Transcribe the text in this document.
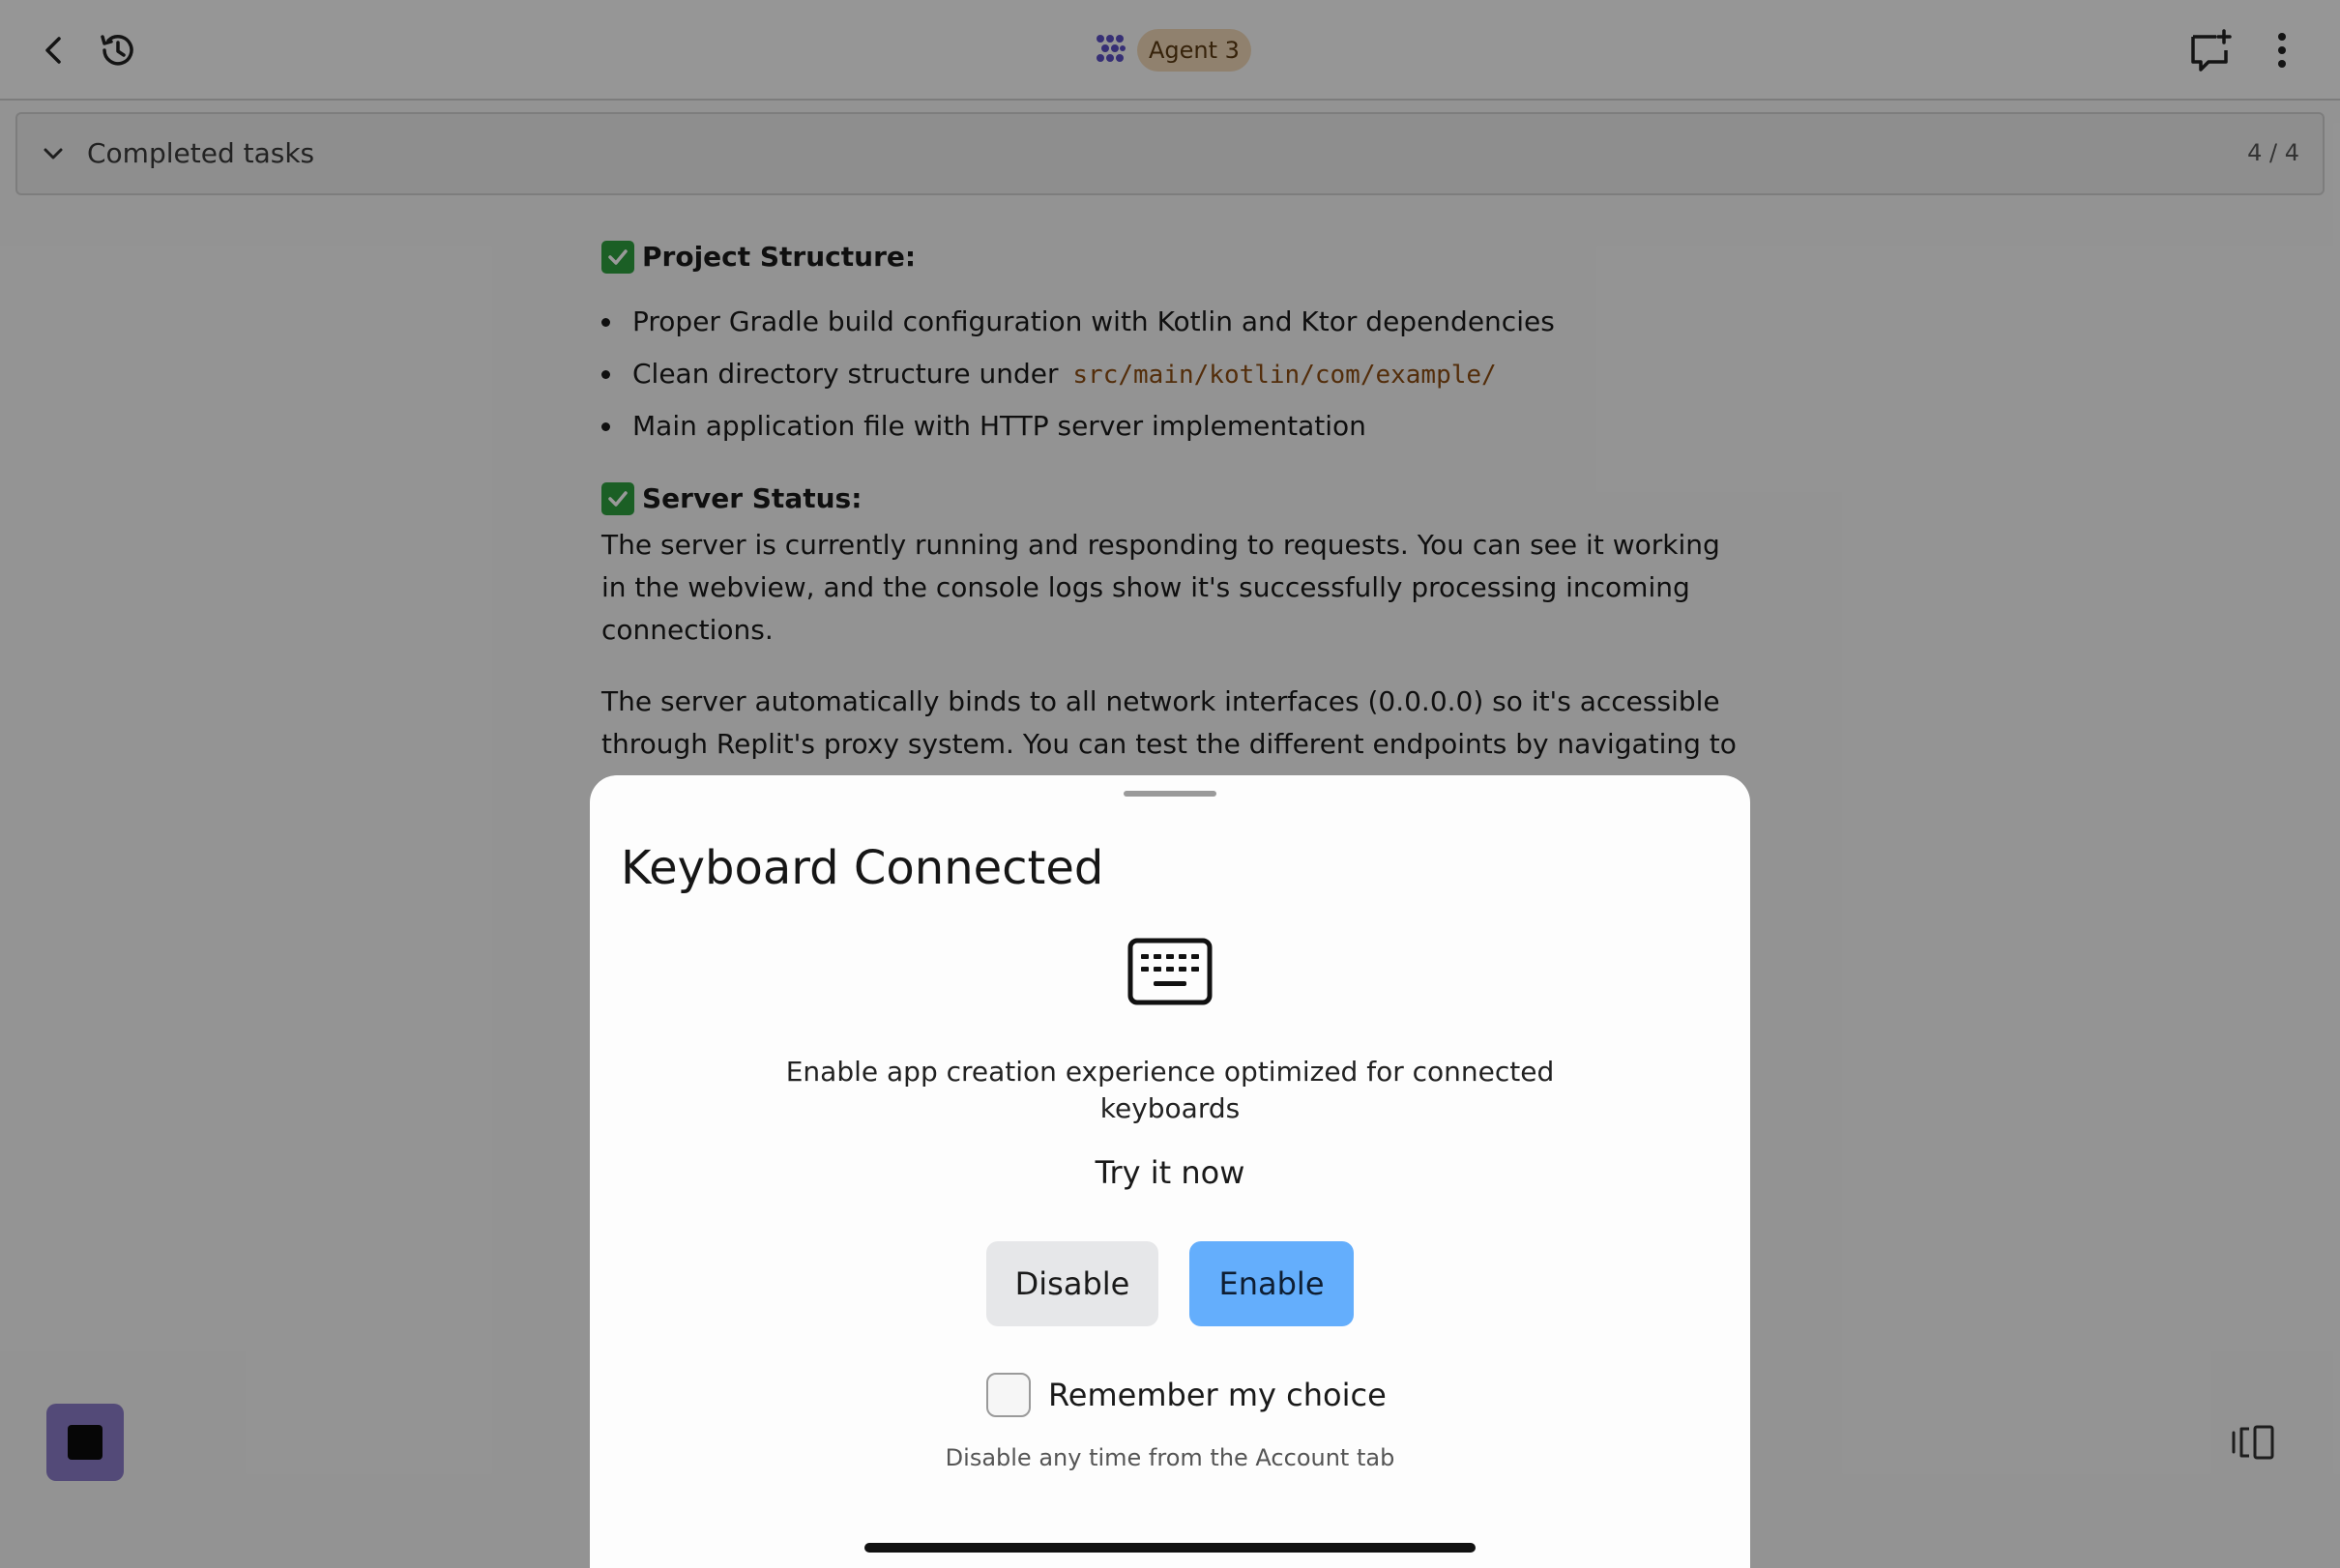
Agent 3
Completed tasks	4 / 4
Project Structure:
Proper Gradle build configuration with Kotlin and Ktor dependencies
Clean directory structure under src/main/kotlin/com/example/
Main application file with HTTP server implementation
Server Status:

The server is currently running and responding to requests. You can see it working in the webview, and the console logs show it's successfully processing incoming connections.

The server automatically binds to all network interfaces (0.0.0.0) so it's accessible through Replit's proxy system. You can test the different endpoints by navigating to

Keyboard Connected
Enable app creation experience optimized for connected keyboards
Try it now
Disable	Enable
Remember my choice
Disable any time from the Account tab
